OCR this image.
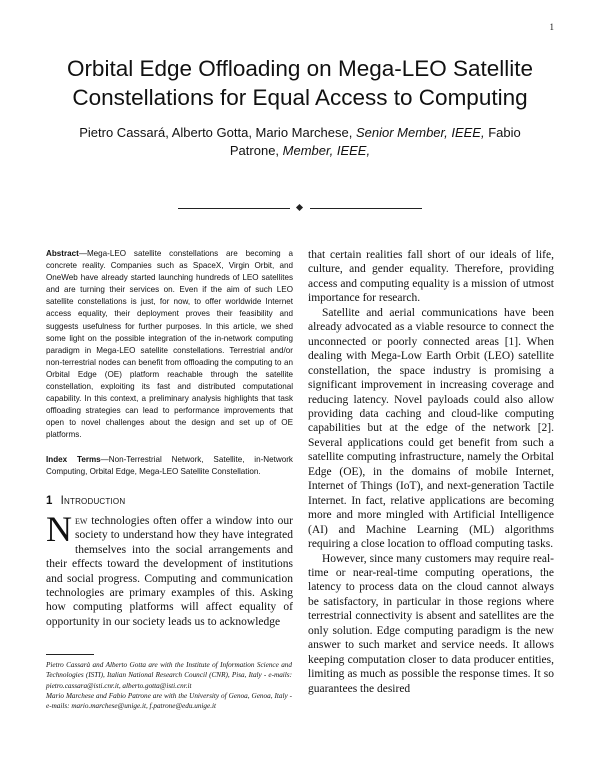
1
Orbital Edge Offloading on Mega-LEO Satellite Constellations for Equal Access to Computing
Pietro Cassará, Alberto Gotta, Mario Marchese, Senior Member, IEEE, Fabio Patrone, Member, IEEE,

Abstract—Mega-LEO satellite constellations are becoming a concrete reality. Companies such as SpaceX, Virgin Orbit, and OneWeb have already started launching hundreds of LEO satellites and are turning their services on. Even if the aim of such LEO satellite constellations is just, for now, to offer worldwide Internet access equality, their deployment proves their feasibility and suggests usefulness for further purposes. In this article, we shed some light on the possible integration of the in-network computing paradigm in Mega-LEO satellite constellations. Terrestrial and/or non-terrestrial nodes can benefit from offloading the computing to an Orbital Edge (OE) platform reachable through the satellite constellation, exploiting its fast and distributed computational capability. In this context, a preliminary analysis highlights that task offloading strategies can lead to performance improvements that open to novel challenges about the design and set up of OE platforms.

Index Terms—Non-Terrestrial Network, Satellite, in-Network Computing, Orbital Edge, Mega-LEO Satellite Constellation.

1 Introduction

New technologies often offer a window into our society to understand how they have integrated themselves into the social arrangements and their effects toward the development of institutions and social progress. Computing and communication technologies are primary examples of this. Asking how computing platforms will affect equality of opportunity in our society leads us to acknowledge

that certain realities fall short of our ideals of life, culture, and gender equality. Therefore, providing access and computing equality is a mission of utmost importance for research.

Satellite and aerial communications have been already advocated as a viable resource to connect the unconnected or poorly connected areas [1]. When dealing with Mega-Low Earth Orbit (LEO) satellite constellation, the space industry is promising a significant improvement in increasing coverage and reducing latency. Novel payloads could also allow providing data caching and cloud-like computing capabilities but at the edge of the network [2]. Several applications could get benefit from such a satellite computing infrastructure, namely the Orbital Edge (OE), in the domains of mobile Internet, Internet of Things (IoT), and next-generation Tactile Internet. In fact, relative applications are becoming more and more mingled with Artificial Intelligence (AI) and Machine Learning (ML) algorithms requiring a close location to offload computing tasks.

However, since many customers may require real-time or near-real-time computing operations, the latency to process data on the cloud cannot always be satisfactory, in particular in those regions where terrestrial connectivity is absent and satellites are the only solution. Edge computing paradigm is the new answer to such market and service needs. It allows keeping computation closer to data producer entities, limiting as much as possible the response times. It so guarantees the desired

Pietro Cassarà and Alberto Gotta are with the Institute of Information Science and Technologies (ISTI), Italian National Research Council (CNR), Pisa, Italy - e-mails: pietro.cassara@isti.cnr.it, alberto.gotta@isti.cnr.it

Mario Marchese and Fabio Patrone are with the University of Genoa, Genoa, Italy - e-mails: mario.marchese@unige.it, f.patrone@edu.unige.it
